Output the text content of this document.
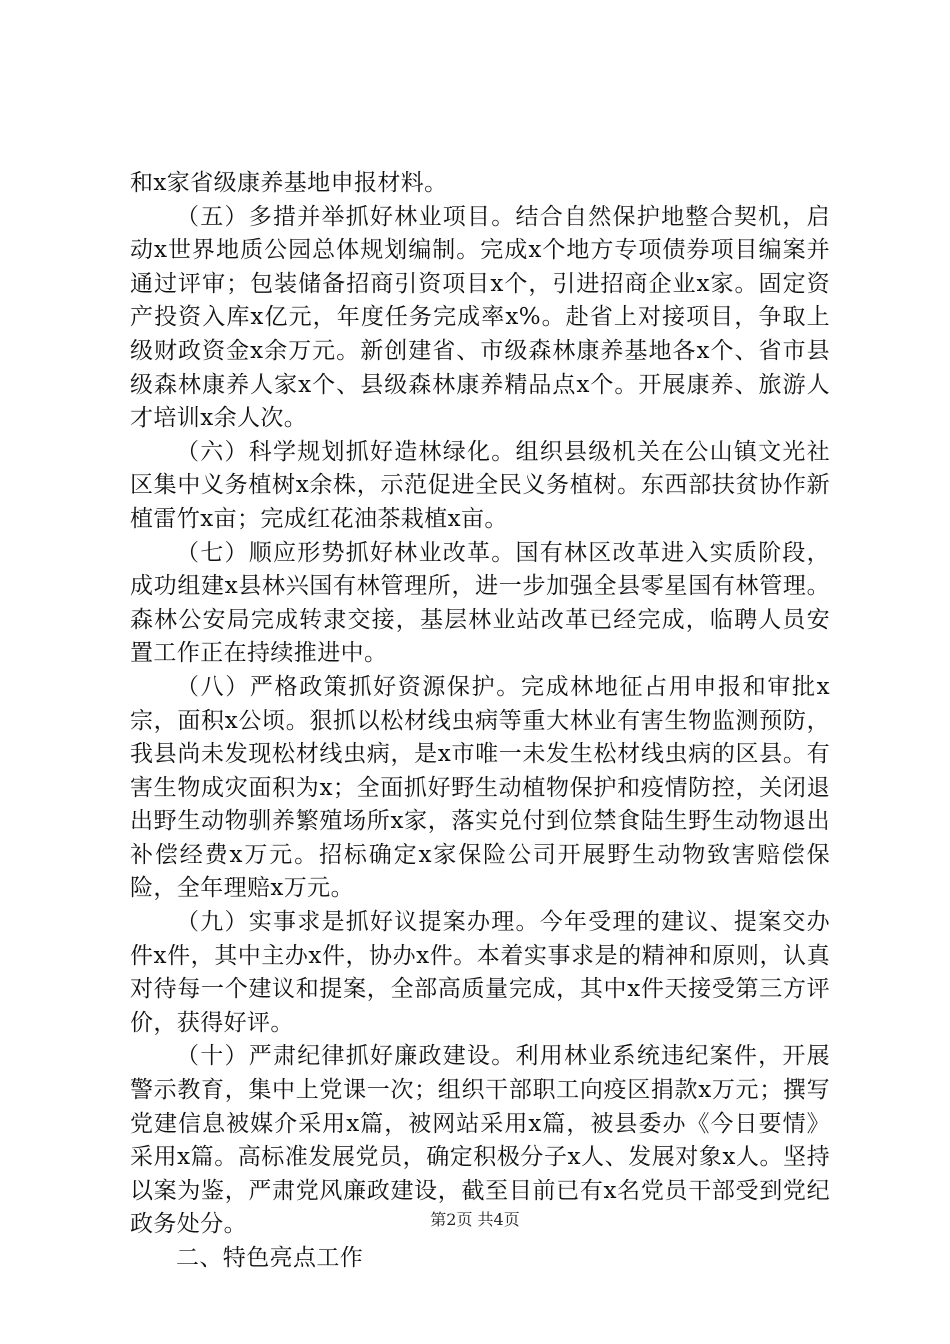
和x家省级康养基地申报材料。

（五）多措并举抓好林业项目。结合自然保护地整合契机，启动x世界地质公园总体规划编制。完成x个地方专项债券项目编案并通过评审；包装储备招商引资项目x个，引进招商企业x家。固定资产投资入库x亿元，年度任务完成率x%。赴省上对接项目，争取上级财政资金x余万元。新创建省、市级森林康养基地各x个、省市县级森林康养人家x个、县级森林康养精品点x个。开展康养、旅游人才培训x余人次。

（六）科学规划抓好造林绿化。组织县级机关在公山镇文光社区集中义务植树x余株，示范促进全民义务植树。东西部扶贫协作新植雷竹x亩；完成红花油茶栽植x亩。

（七）顺应形势抓好林业改革。国有林区改革进入实质阶段，成功组建x县林兴国有林管理所，进一步加强全县零星国有林管理。森林公安局完成转隶交接，基层林业站改革已经完成，临聘人员安置工作正在持续推进中。

（八）严格政策抓好资源保护。完成林地征占用申报和审批x宗，面积x公顷。狠抓以松材线虫病等重大林业有害生物监测预防，我县尚未发现松材线虫病，是x市唯一未发生松材线虫病的区县。有害生物成灾面积为x；全面抓好野生动植物保护和疫情防控，关闭退出野生动物驯养繁殖场所x家，落实兑付到位禁食陆生野生动物退出补偿经费x万元。招标确定x家保险公司开展野生动物致害赔偿保险，全年理赔x万元。

（九）实事求是抓好议提案办理。今年受理的建议、提案交办件x件，其中主办x件，协办x件。本着实事求是的精神和原则，认真对待每一个建议和提案，全部高质量完成，其中x件天接受第三方评价，获得好评。

（十）严肃纪律抓好廉政建设。利用林业系统违纪案件，开展警示教育，集中上党课一次；组织干部职工向疫区捐款x万元；撰写党建信息被媒介采用x篇，被网站采用x篇，被县委办《今日要情》采用x篇。高标准发展党员，确定积极分子x人、发展对象x人。坚持以案为鉴，严肃党风廉政建设，截至目前已有x名党员干部受到党纪政务处分。

二、特色亮点工作

第2页 共4页
